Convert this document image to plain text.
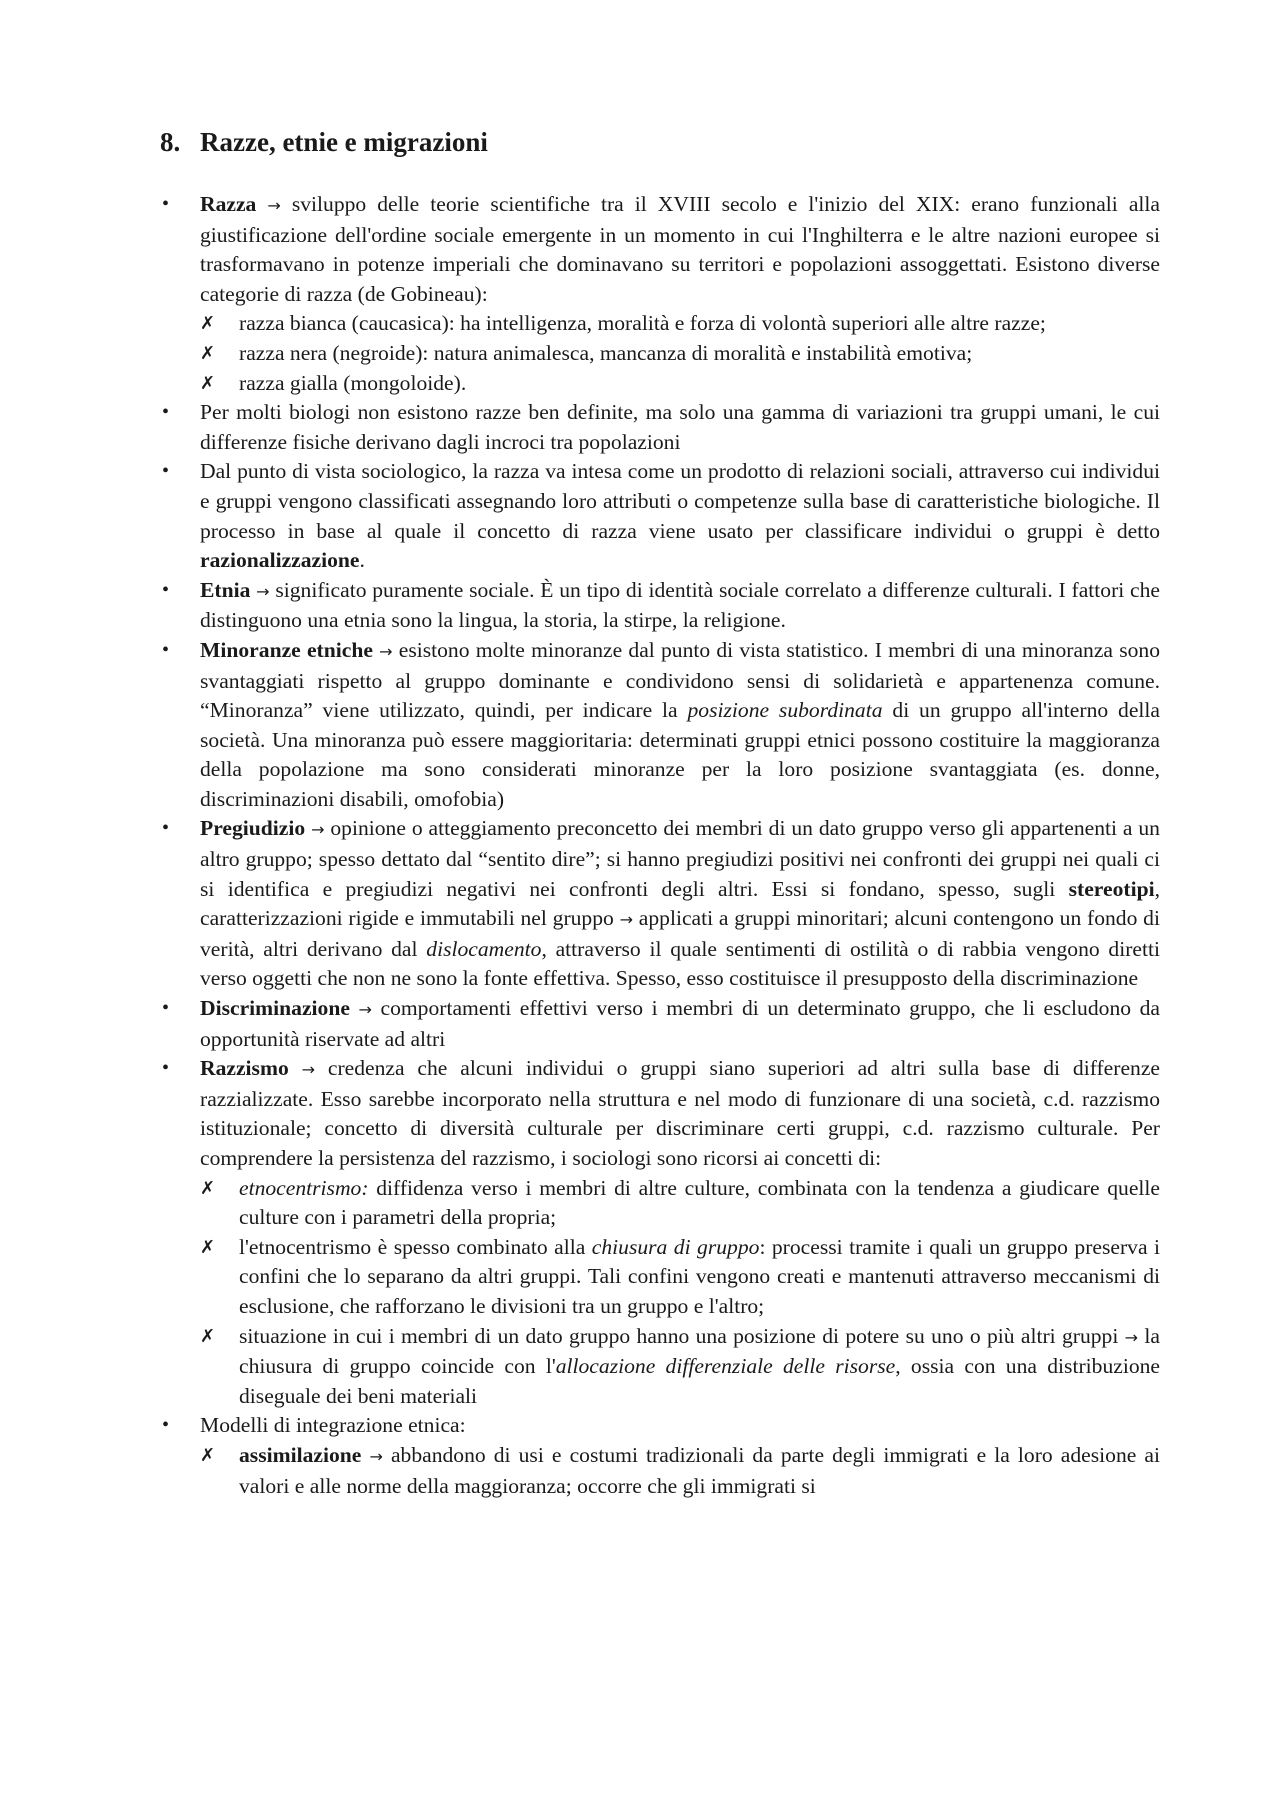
8. Razze, etnie e migrazioni
• Razza → sviluppo delle teorie scientifiche tra il XVIII secolo e l'inizio del XIX: erano funzionali alla giustificazione dell'ordine sociale emergente in un momento in cui l'Inghilterra e le altre nazioni europee si trasformavano in potenze imperiali che dominavano su territori e popolazioni assoggettati. Esistono diverse categorie di razza (de Gobineau):
✗ razza bianca (caucasica): ha intelligenza, moralità e forza di volontà superiori alle altre razze;
✗ razza nera (negroide): natura animalesca, mancanza di moralità e instabilità emotiva;
✗ razza gialla (mongoloide).
• Per molti biologi non esistono razze ben definite, ma solo una gamma di variazioni tra gruppi umani, le cui differenze fisiche derivano dagli incroci tra popolazioni
• Dal punto di vista sociologico, la razza va intesa come un prodotto di relazioni sociali, attraverso cui individui e gruppi vengono classificati assegnando loro attributi o competenze sulla base di caratteristiche biologiche. Il processo in base al quale il concetto di razza viene usato per classificare individui o gruppi è detto razionalizzazione.
• Etnia → significato puramente sociale. È un tipo di identità sociale correlato a differenze culturali. I fattori che distinguono una etnia sono la lingua, la storia, la stirpe, la religione.
• Minoranze etniche → esistono molte minoranze dal punto di vista statistico. I membri di una minoranza sono svantaggiati rispetto al gruppo dominante e condividono sensi di solidarietà e appartenenza comune. “Minoranza” viene utilizzato, quindi, per indicare la posizione subordinata di un gruppo all'interno della società. Una minoranza può essere maggioritaria: determinati gruppi etnici possono costituire la maggioranza della popolazione ma sono considerati minoranze per la loro posizione svantaggiata (es. donne, discriminazioni disabili, omofobia)
• Pregiudizio → opinione o atteggiamento preconcetto dei membri di un dato gruppo verso gli appartenenti a un altro gruppo; spesso dettato dal “sentito dire”; si hanno pregiudizi positivi nei confronti dei gruppi nei quali ci si identifica e pregiudizi negativi nei confronti degli altri. Essi si fondano, spesso, sugli stereotipi, caratterizzazioni rigide e immutabili nel gruppo → applicati a gruppi minoritari; alcuni contengono un fondo di verità, altri derivano dal dislocamento, attraverso il quale sentimenti di ostilità o di rabbia vengono diretti verso oggetti che non ne sono la fonte effettiva. Spesso, esso costituisce il presupposto della discriminazione
• Discriminazione → comportamenti effettivi verso i membri di un determinato gruppo, che li escludono da opportunità riservate ad altri
• Razzismo → credenza che alcuni individui o gruppi siano superiori ad altri sulla base di differenze razzializzate. Esso sarebbe incorporato nella struttura e nel modo di funzionare di una società, c.d. razzismo istituzionale; concetto di diversità culturale per discriminare certi gruppi, c.d. razzismo culturale. Per comprendere la persistenza del razzismo, i sociologi sono ricorsi ai concetti di:
✗ etnocentrismo: diffidenza verso i membri di altre culture, combinata con la tendenza a giudicare quelle culture con i parametri della propria;
✗ l'etnocentrismo è spesso combinato alla chiusura di gruppo: processi tramite i quali un gruppo preserva i confini che lo separano da altri gruppi. Tali confini vengono creati e mantenuti attraverso meccanismi di esclusione, che rafforzano le divisioni tra un gruppo e l'altro;
✗ situazione in cui i membri di un dato gruppo hanno una posizione di potere su uno o più altri gruppi → la chiusura di gruppo coincide con l'allocazione differenziale delle risorse, ossia con una distribuzione diseguale dei beni materiali
• Modelli di integrazione etnica:
✗ assimilazione → abbandono di usi e costumi tradizionali da parte degli immigrati e la loro adesione ai valori e alle norme della maggioranza; occorre che gli immigrati si
